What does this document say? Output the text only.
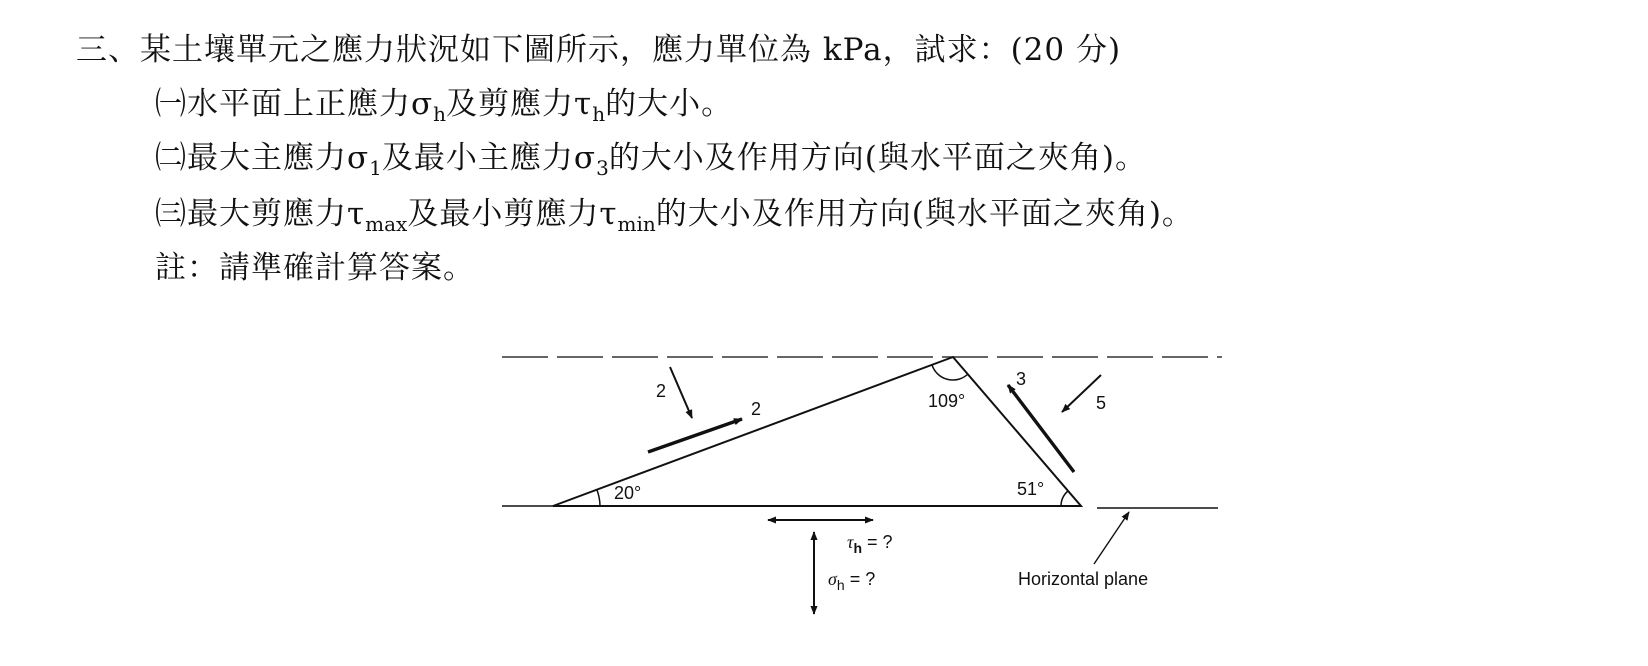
三、某土壤單元之應力狀況如下圖所示，應力單位為 kPa，試求：(20 分)
㈠水平面上正應力$\sigma_h$及剪應力$\tau_h$的大小。
㈡最大主應力$\sigma_1$及最小主應力$\sigma_3$的大小及作用方向(與水平面之夾角)。
㈢最大剪應力$\tau_{max}$及最小剪應力$\tau_{min}$的大小及作用方向(與水平面之夾角)。
註：請準確計算答案。
20°
109°
51°
2
2
3
5
τh = ?
σh = ?	Horizontal plane
